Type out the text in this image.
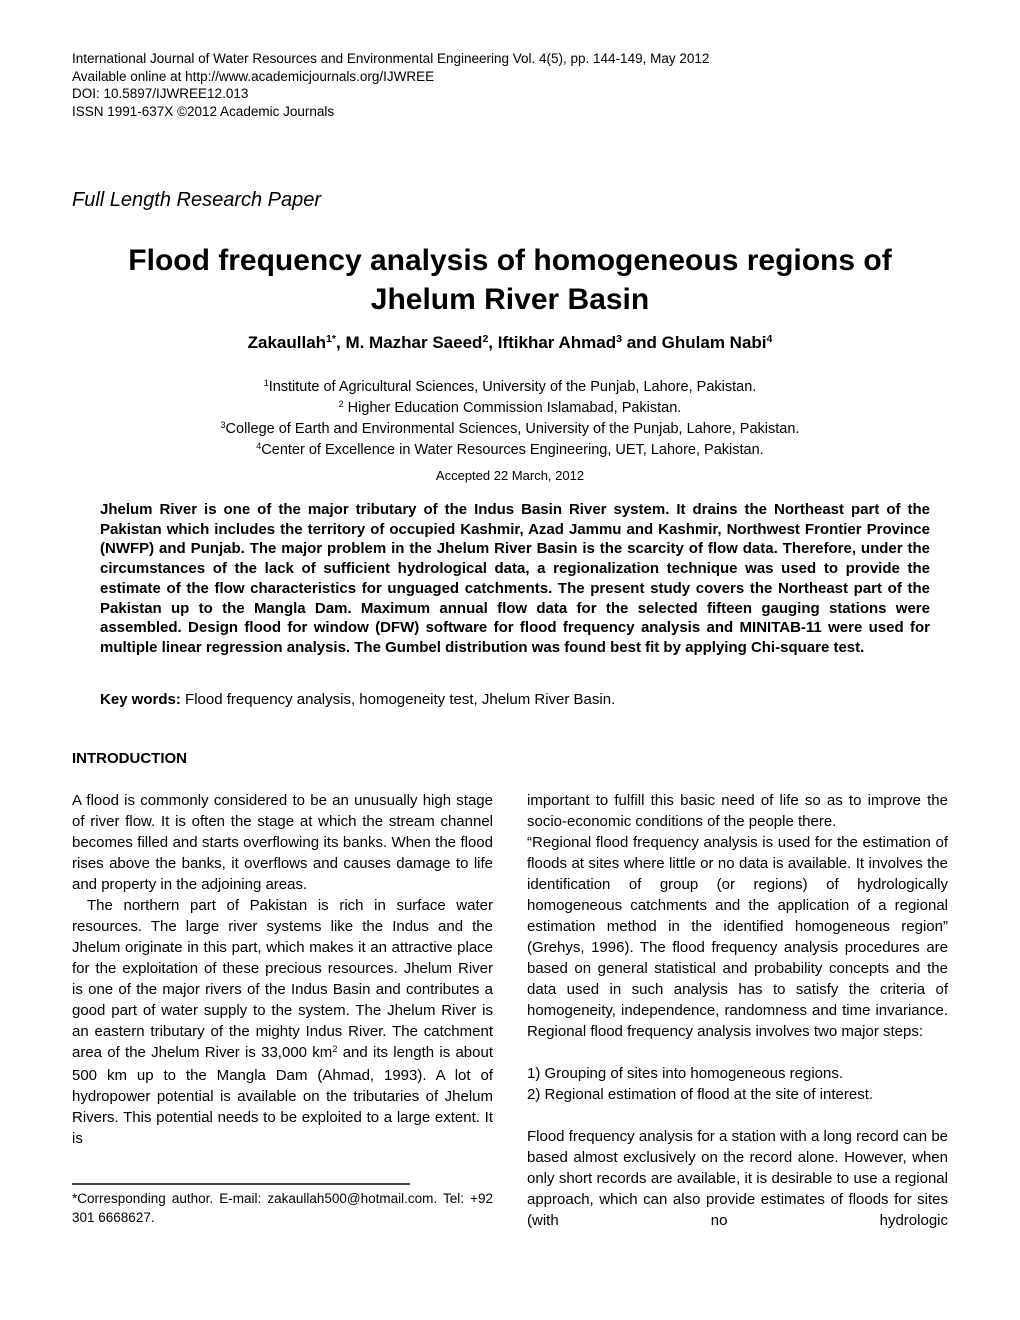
International Journal of Water Resources and Environmental Engineering Vol. 4(5), pp. 144-149, May 2012
Available online at http://www.academicjournals.org/IJWREE
DOI: 10.5897/IJWREE12.013
ISSN 1991-637X ©2012 Academic Journals
Full Length Research Paper
Flood frequency analysis of homogeneous regions of
Jhelum River Basin
Zakaullah$^{1*}$, M. Mazhar Saeed$^2$, Iftikhar Ahmad$^3$ and Ghulam Nabi$^4$
$^1$Institute of Agricultural Sciences, University of the Punjab, Lahore, Pakistan.
$^2$ Higher Education Commission Islamabad, Pakistan.
$^3$College of Earth and Environmental Sciences, University of the Punjab, Lahore, Pakistan.
$^4$Center of Excellence in Water Resources Engineering, UET, Lahore, Pakistan.
Accepted 22 March, 2012

Jhelum River is one of the major tributary of the Indus Basin River system. It drains the Northeast part of the Pakistan which includes the territory of occupied Kashmir, Azad Jammu and Kashmir, Northwest Frontier Province (NWFP) and Punjab. The major problem in the Jhelum River Basin is the scarcity of flow data. Therefore, under the circumstances of the lack of sufficient hydrological data, a regionalization technique was used to provide the estimate of the flow characteristics for unguaged catchments. The present study covers the Northeast part of the Pakistan up to the Mangla Dam. Maximum annual flow data for the selected fifteen gauging stations were assembled. Design flood for window (DFW) software for flood frequency analysis and MINITAB-11 were used for multiple linear regression analysis. The Gumbel distribution was found best fit by applying Chi-square test.

Key words: Flood frequency analysis, homogeneity test, Jhelum River Basin.

INTRODUCTION

A flood is commonly considered to be an unusually high stage of river flow. It is often the stage at which the stream channel becomes filled and starts overflowing its banks. When the flood rises above the banks, it overflows and causes damage to life and property in the adjoining areas.

The northern part of Pakistan is rich in surface water resources. The large river systems like the Indus and the Jhelum originate in this part, which makes it an attractive place for the exploitation of these precious resources. Jhelum River is one of the major rivers of the Indus Basin and contributes a good part of water supply to the system. The Jhelum River is an eastern tributary of the mighty Indus River. The catchment area of the Jhelum River is 33,000 $km^2$ and its length is about 500 km up to the Mangla Dam (Ahmad, 1993). A lot of hydropower potential is available on the tributaries of Jhelum Rivers. This potential needs to be exploited to a large extent. It is

important to fulfill this basic need of life so as to improve the socio-economic conditions of the people there.

“Regional flood frequency analysis is used for the estimation of floods at sites where little or no data is available. It involves the identification of group (or regions) of hydrologically homogeneous catchments and the application of a regional estimation method in the identified homogeneous region” (Grehys, 1996). The flood frequency analysis procedures are based on general statistical and probability concepts and the data used in such analysis has to satisfy the criteria of homogeneity, independence, randomness and time invariance. Regional flood frequency analysis involves two major steps:

1) Grouping of sites into homogeneous regions.

2) Regional estimation of flood at the site of interest.

Flood frequency analysis for a station with a long record can be based almost exclusively on the record alone. However, when only short records are available, it is desirable to use a regional approach, which can also provide estimates of floods for sites (with no hydrologic

*Corresponding author. E-mail: zakaullah500@hotmail.com. Tel: +92 301 6668627.
